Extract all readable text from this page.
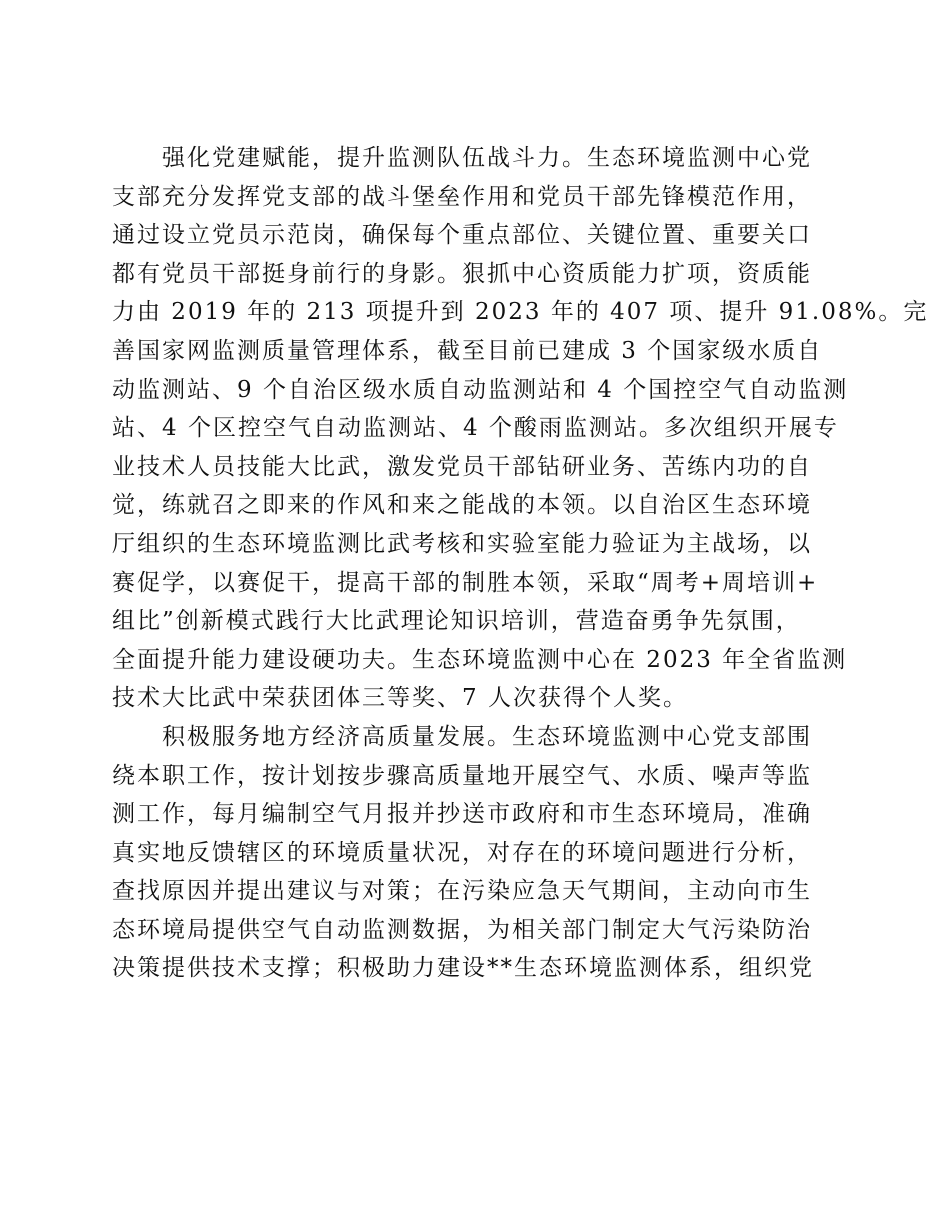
　　强化党建赋能，提升监测队伍战斗力。生态环境监测中心党
支部充分发挥党支部的战斗堡垒作用和党员干部先锋模范作用，
通过设立党员示范岗，确保每个重点部位、关键位置、重要关口
都有党员干部挺身前行的身影。狠抓中心资质能力扩项，资质能
力由 2019 年的 213 项提升到 2023 年的 407 项、提升 91.08%。完
善国家网监测质量管理体系，截至目前已建成 3 个国家级水质自
动监测站、9 个自治区级水质自动监测站和 4 个国控空气自动监测
站、4 个区控空气自动监测站、4 个酸雨监测站。多次组织开展专
业技术人员技能大比武，激发党员干部钻研业务、苦练内功的自
觉，练就召之即来的作风和来之能战的本领。以自治区生态环境
厅组织的生态环境监测比武考核和实验室能力验证为主战场，以
赛促学，以赛促干，提高干部的制胜本领，采取“周考+周培训+
组比”创新模式践行大比武理论知识培训，营造奋勇争先氛围，
全面提升能力建设硬功夫。生态环境监测中心在 2023 年全省监测
技术大比武中荣获团体三等奖、7 人次获得个人奖。
　　积极服务地方经济高质量发展。生态环境监测中心党支部围
绕本职工作，按计划按步骤高质量地开展空气、水质、噪声等监
测工作，每月编制空气月报并抄送市政府和市生态环境局，准确
真实地反馈辖区的环境质量状况，对存在的环境问题进行分析，
查找原因并提出建议与对策；在污染应急天气期间，主动向市生
态环境局提供空气自动监测数据，为相关部门制定大气污染防治
决策提供技术支撑；积极助力建设**生态环境监测体系，组织党
